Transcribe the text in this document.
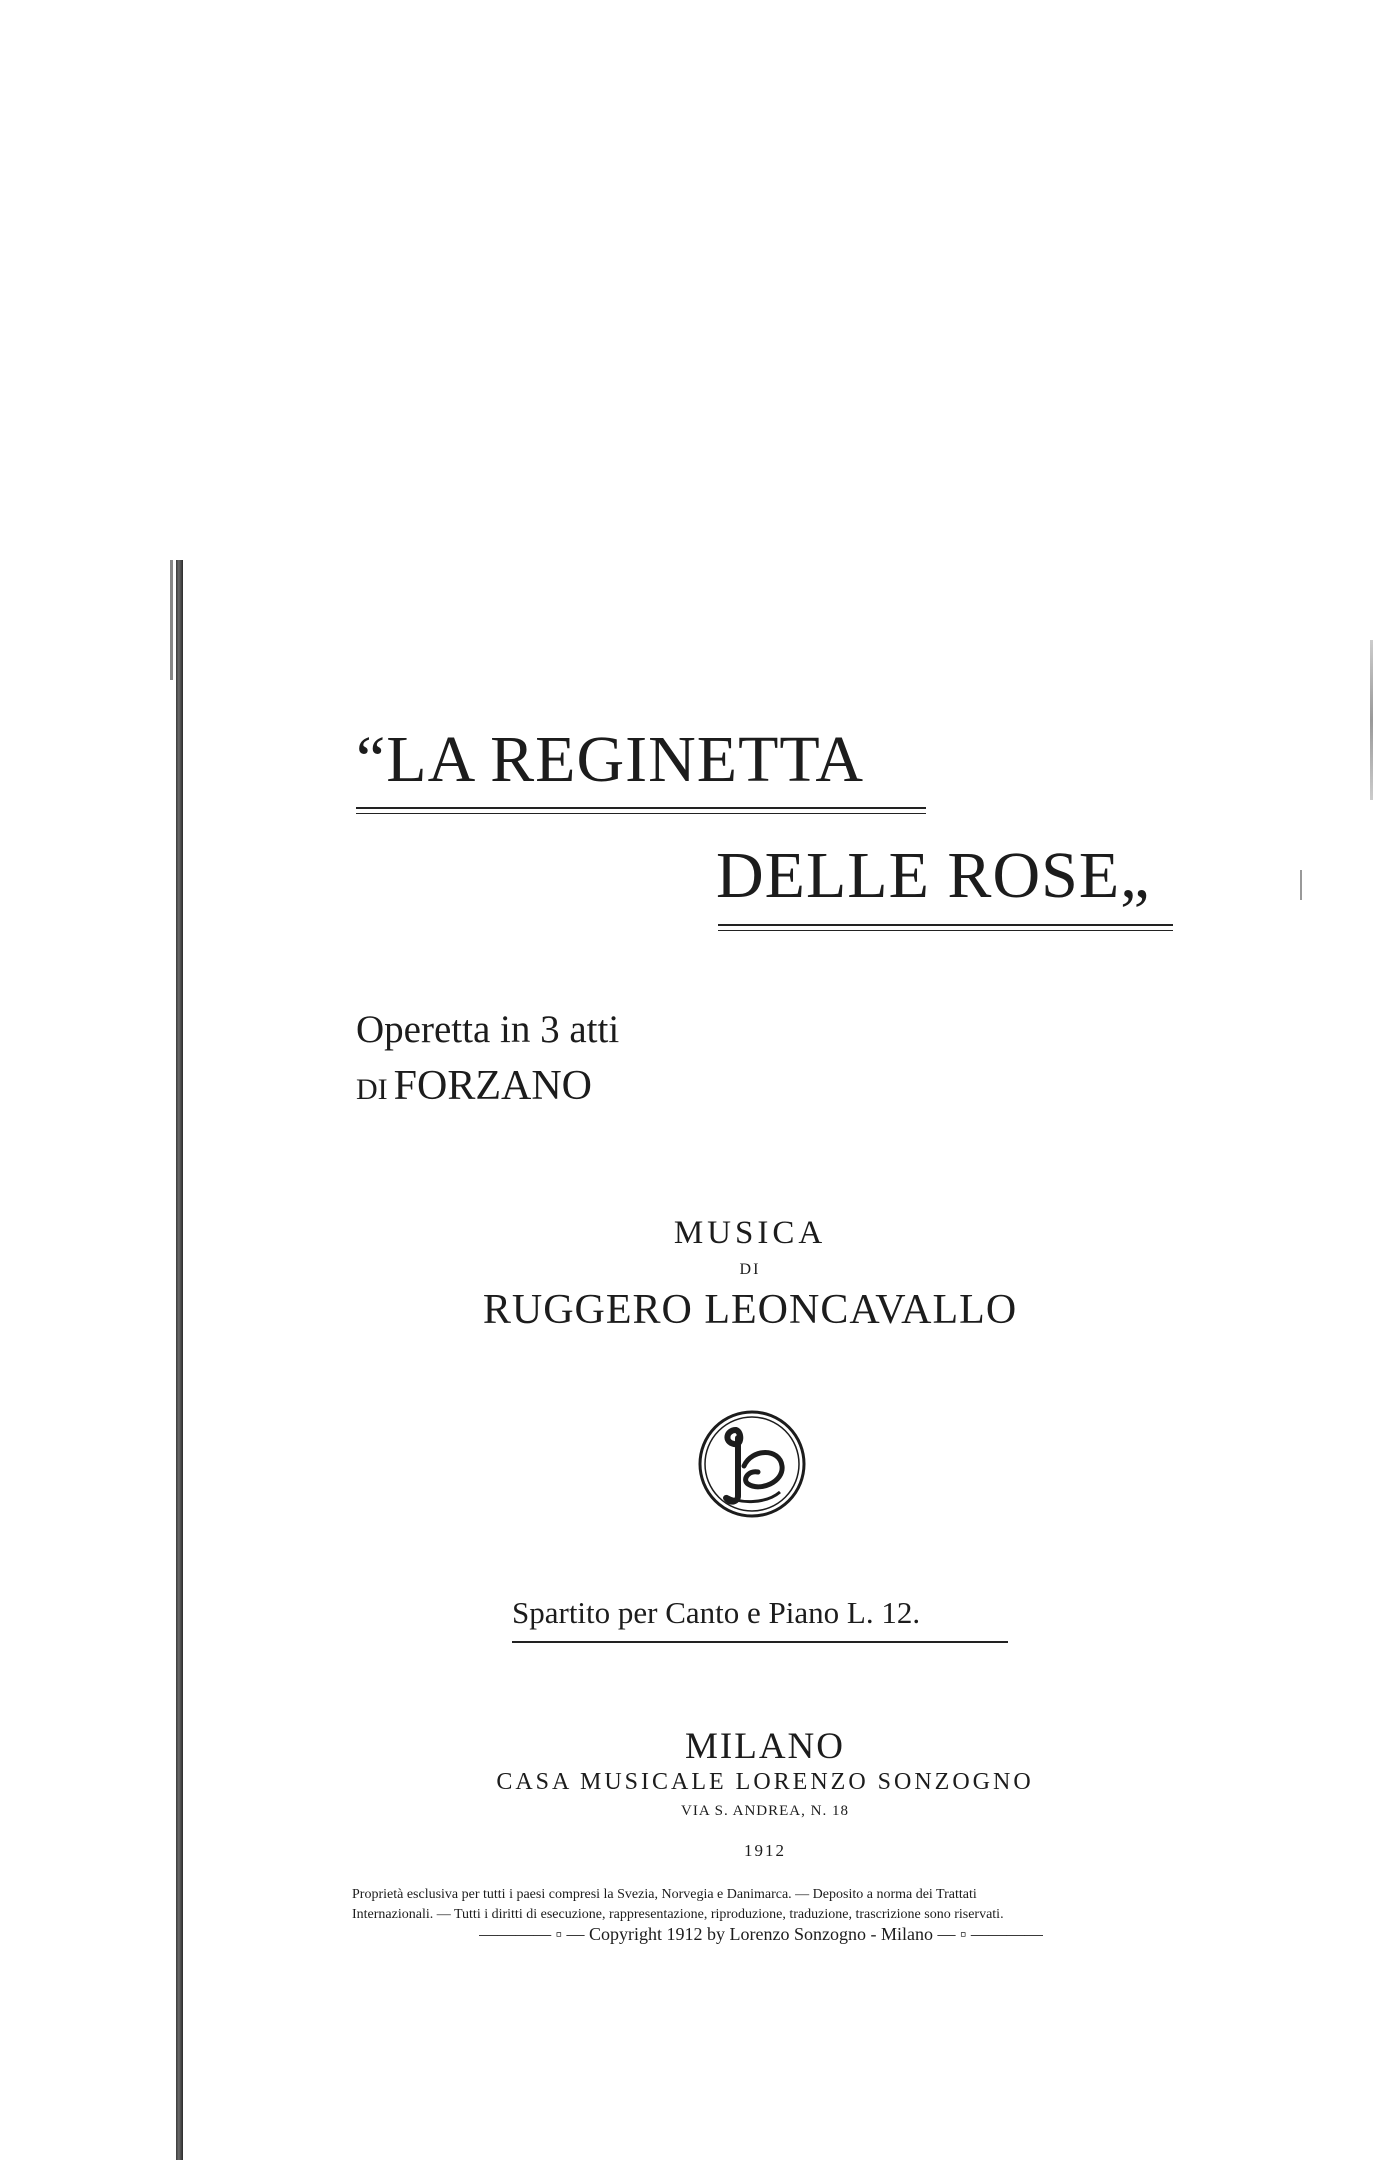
“LA REGINETTA
DELLE ROSE„
Operetta in 3 atti
DI FORZANO
MUSICA
DI
RUGGERO LEONCAVALLO
Spartito per Canto e Piano L. 12.
MILANO
CASA MUSICALE LORENZO SONZOGNO
VIA S. ANDREA, N. 18
1912
Proprietà esclusiva per tutti i paesi compresi la Svezia, Norvegia e Danimarca. — Deposito a norma dei Trattati
Internazionali. — Tutti i diritti di esecuzione, rappresentazione, riproduzione, traduzione, trascrizione sono riservati.
———— ▫ — Copyright 1912 by Lorenzo Sonzogno - Milano — ▫ ————
